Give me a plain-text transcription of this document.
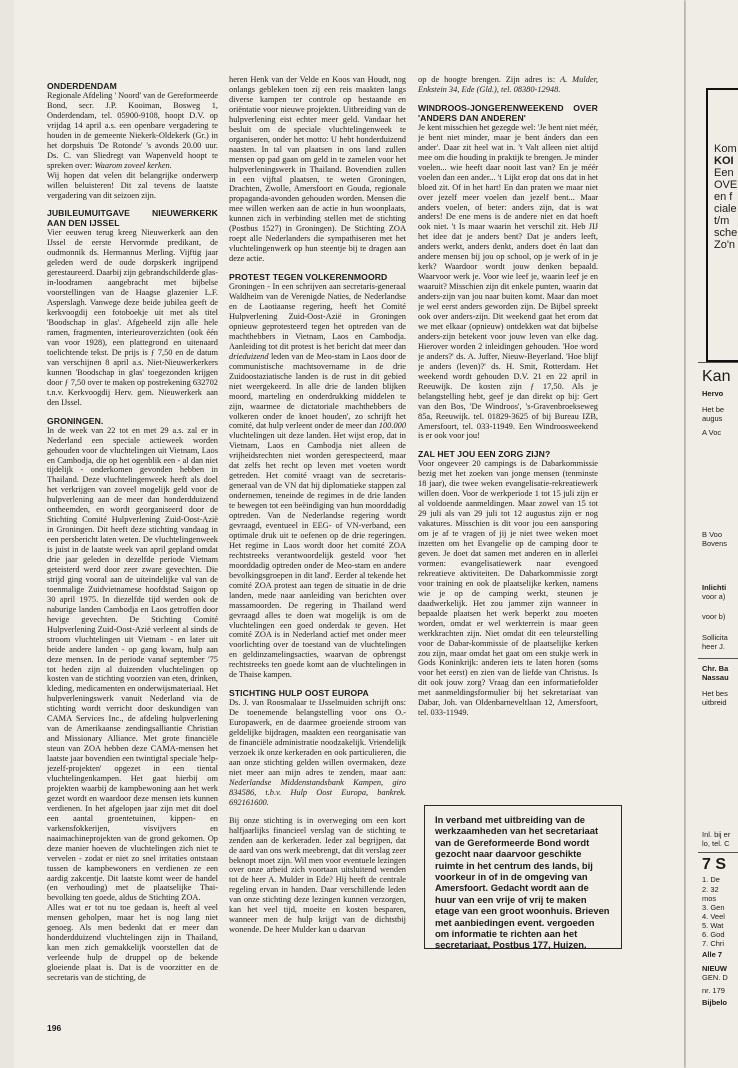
ONDERDENDAM

Regionale Afdeling ' Noord' van de Gereformeerde Bond, secr. J.P. Kooiman, Bosweg 1, Onderdendam, tel. 05900-9108, hoopt D.V. op vrijdag 14 april a.s. een openbare vergadering te houden in de gemeente Niekerk-Oldekerk (Gr.) in het dorpshuis 'De Rotonde' 's avonds 20.00 uur. Ds. C. van Sliedregt van Wapenveld hoopt te spreken over: Waarom zoveel kerken.

Wij hopen dat velen dit belangrijke onderwerp willen beluisteren! Dit zal tevens de laatste vergadering van dit seizoen zijn.

JUBILEUMUITGAVE NIEUWERKERK AAN DEN IJSSEL

Vier eeuwen terug kreeg Nieuwerkerk aan den IJssel de eerste Hervormde predikant, de oudmonnik ds. Hermannus Merling. Vijftig jaar geleden werd de oude dorpskerk ingrijpend gerestaureerd. Daarbij zijn gebrandschilderde glas-in-loodramen aangebracht met bijbelse voorstellingen van de Haagse glazenier L.F. Asperslagh. Vanwege deze beide jubilea geeft de kerkvoogdij een fotoboekje uit met als titel 'Boodschap in glas'. Afgebeeld zijn alle hele ramen, fragmenten, interieuroverzichten (ook één van voor 1928), een plattegrond en uitenaard toelichtende tekst. De prijs is ƒ 7,50 en de datum van verschijnen 8 april a.s. Niet-Nieuwerkerkers kunnen 'Boodschap in glas' toegezonden krijgen door ƒ 7,50 over te maken op postrekening 632702 t.n.v. Kerkvoogdij Herv. gem. Nieuwerkerk aan den IJssel.

GRONINGEN.

In de week van 22 tot en met 29 a.s. zal er in Nederland een speciale actieweek worden gehouden voor de vluchtelingen uit Vietnam, Laos en Cambodja, die op het ogenblik een - al dan niet tijdelijk - onderkomen gevonden hebben in Thailand. Deze vluchtelingenweek heeft als doel het verkrijgen van zoveel mogelijk geld voor de hulpverlening aan de meer dan honderdduizend ontheemden, en wordt georganiseerd door de Stichting Comité Hulpverlening Zuid-Oost-Azië in Groningen. Dit heeft deze stichting vandaag in een persbericht laten weten. De vluchtelingenweek is juist in de laatste week van april gepland omdat drie jaar geleden in dezelfde periode Vietnam geteisterd werd door zeer zware gevechten. Die strijd ging vooral aan de uiteindelijke val van de toenmalige Zuidvietnamese hoofdstad Saigon op 30 april 1975. In diezelfde tijd werden ook de naburige landen Cambodja en Laos getroffen door hevige gevechten. De Stichting Comité Hulpverlening Zuid-Oost-Azië verleent al sinds de stroom vluchtelingen uit Vietnam - en later uit beide andere landen - op gang kwam, hulp aan deze mensen. In de periode vanaf september '75 tot heden zijn al duizenden vluchtelingen op kosten van de stichting voorzien van eten, drinken, kleding, medicamenten en onderwijsmateriaal. Het hulpverleningswerk vanuit Nederland via de stichting wordt verricht door deskundigen van CAMA Services Inc., de afdeling hulpverlening van de Amerikaanse zendingsalliantie Christian and Missionary Alliance. Met grote financiële steun van ZOA hebben deze CAMA-mensen het laatste jaar bovendien een twintigtal speciale 'help-jezelf-projekten' opgezet in een tiental vluchtelingenkampen. Het gaat hierbij om projekten waarbij de kampbewoning aan het werk gezet wordt en waardoor deze mensen iets kunnen verdienen. In het afgelopen jaar zijn met dit doel een aantal groentetuinen, kippen- en varkensfokkerijen, visvijvers en naaimachineprojekten van de grond gekomen. Op deze manier hoeven de vluchtelingen zich niet te vervelen - zodat er niet zo snel irritaties ontstaan tussen de kampbewoners en verdienen ze een aardig zakcentje. Dit laatste komt weer de handel (en verhouding) met de plaatselijke Thai-bevolking ten goede, aldus de Stichting ZOA.

Alles wat er tot nu toe gedaan is, heeft al veel mensen geholpen, maar het is nog lang niet genoeg. Als men bedenkt dat er meer dan honderdduizend vluchtelingen zijn in Thailand, kan men zich gemakkelijk voorstellen dat de verleende hulp de druppel op de bekende gloeiende plaat is. Dat is de voorzitter en de secretaris van de stichting, de

heren Henk van der Velde en Koos van Houdt, nog onlangs gebleken toen zij een reis maakten langs diverse kampen ter controle op bestaande en oriëntatie voor nieuwe projekten. Uitbreiding van de hulpverlening eist echter meer geld. Vandaar het besluit om de speciale vluchtelingenweek te organiseren, onder het motto: U hebt honderduizend naasten. In tal van plaatsen in ons land zullen mensen op pad gaan om geld in te zamelen voor het hulpverleningswerk in Thailand. Bovendien zullen in een vijftal plaatsen, te weten Groningen, Drachten, Zwolle, Amersfoort en Gouda, regionale propaganda-avonden gehouden worden. Mensen die mee willen werken aan de actie in hun woonplaats, kunnen zich in verbinding stellen met de stichting (Postbus 1527) in Groningen). De Stichting ZOA roept alle Nederlanders die sympathiseren met het vluchtelingenwerk op hun steentje bij te dragen aan deze actie.

PROTEST TEGEN VOLKERENMOORD

Groningen - In een schrijven aan secretaris-generaal Waldheim van de Verenigde Naties, de Nederlandse en de Laotiaanse regering, heeft het Comité Hulpverlening Zuid-Oost-Azië in Groningen opnieuw geprotesteerd tegen het optreden van de machthebbers in Vietnam, Laos en Cambodja. Aanleiding tot dit protest is het bericht dat meer dan drieduizend leden van de Meo-stam in Laos door de communistische machtsovername in de drie Zuidoostaziatische landen is de rust in dit gebied niet weergekeerd. In alle drie de landen blijken moord, marteling en onderdrukking middelen te zijn, waarmee de dictatoriale machthebbers de volkeren onder de knoet houden', zo schrijft het comité, dat hulp verleent onder de meer dan 100.000 vluchtelingen uit deze landen. Het wijst erop, dat in Vietnam, Laos en Cambodja niet alleen de vrijheidsrechten niet worden gerespecteerd, maar dat zelfs het recht op leven met voeten wordt getreden. Het comité vraagt van de secretaris-generaal van de VN dat hij diplomatieke stappen zal ondernemen, teneinde de regimes in de drie landen te bewegen tot een beëindiging van hun moorddadig optreden. Van de Nederlandse regering wordt gevraagd, eventueel in EEG- of VN-verband, een optimale druk uit te oefenen op de drie regeringen. Het regime in Laos wordt door het comité ZOA rechtstreeks verantwoordelijk gesteld voor 'het moorddadig optreden onder de Meo-stam en andere bevolkingsgroepen in dit land'. Eerder al tekende het comité ZOA protest aan tegen de situatie in de drie landen, mede naar aanleiding van berichten over massamoorden. De regering in Thailand werd gevraagd alles te doen wat mogelijk is om de vluchtelingen een goed onderdak te geven. Het comité ZOA is in Nederland actief met onder meer voorlichting over de toestand van de vluchtelingen en geldinzamelingsacties, waarvan de opbrengst rechtstreeks ten goede komt aan de vluchtelingen in de Thaise kampen.

STICHTING HULP OOST EUROPA

Ds. J. van Roosmalaar te IJsselmuiden schrijft ons: De toenemende belangstelling voor ons O.-Europawerk, en de daarmee groeiende stroom van geldelijke bijdragen, maakten een reorganisatie van de financiële administratie noodzakelijk. Vriendelijk verzoek ik onze kerkeraden en ook particulieren, die aan onze stichting gelden willen overmaken, deze niet meer aan mijn adres te zenden, maar aan: Nederlandse Middenstandsbank Kampen, giro 834586, t.b.v. Hulp Oost Europa, bankrek. 692161600.

Bij onze stichting is in overweging om een kort halfjaarlijks financieel verslag van de stichting te zenden aan de kerkeraden. Ieder zal begrijpen, dat de aard van ons werk meebrengt, dat dit verslag zeer beknopt moet zijn. Wil men voor eventuele lezingen over onze arbeid zich voortaan uitsluitend wenden tot de heer A. Mulder in Ede? Hij heeft de centrale regeling ervan in handen. Daar verschillende leden van onze stichting deze lezingen kunnen verzorgen, kan het veel tijd, moeite en kosten besparen, wanneer men de hulp krijgt van de dichtstbij wonende. De heer Mulder kan u daarvan

op de hoogte brengen. Zijn adres is: A. Mulder, Enkstein 34, Ede (Gld.), tel. 08380-12948.

WINDROOS-JONGERENWEEKEND OVER 'ANDERS DAN ANDEREN'

Je kent misschien het gezegde wel: 'Je bent niet méér, je bent niet minder, maar je bent ánders dan een ander'. Daar zit heel wat in. 't Valt alleen niet altijd mee om die houding in praktijk te brengen. Je minder voelen... wie heeft daar nooit last van? En je méér voelen dan een ander... 't Lijkt erop dat ons dat in het bloed zit. Of in het hart! En dan praten we maar niet over jezelf meer voelen dan jezelf bent... Maar anders voelen, of beter: anders zijn, dat is wat anders! De ene mens is de andere niet en dat hoeft ook niet. 't Is maar waarin het verschil zit. Heb JIJ het idee dat je anders bent? Dat je anders leeft, anders werkt, anders denkt, anders doet én laat dan andere mensen bij jou op school, op je werk of in je kerk? Waardoor wordt jouw denken bepaald. Waarvoor werk je. Voor wie leef je, waarin leef je en waaruit? Misschien zijn dit enkele punten, waarin dat anders-zijn van jou naar buiten komt. Maar dan moet je wel eerst anders geworden zijn. De Bijbel spreekt ook over anders-zijn. Dit weekend gaat het erom dat we met elkaar (opnieuw) ontdekken wat dat bijbelse anders-zijn betekent voor jouw leven van elke dag. Hierover worden 2 inleidingen gehouden. 'Hoe word je anders?' ds. A. Juffer, Nieuw-Beyerland. 'Hoe blijf je anders (leven)?' ds. H. Smit, Rotterdam. Het weekend wordt gehouden D.V. 21 en 22 april in Reeuwijk. De kosten zijn ƒ 17,50. Als je belangstelling hebt, geef je dan direkt op bij: Gert van den Bos, 'De Windroos', 's-Gravenbroekseweg 85a, Reeuwijk. tel. 01829-3625 of bij Bureau IZB, Amersfoort, tel. 033-11949. Een Windroosweekend is er ook voor jou!

ZAL HET JOU EEN ZORG ZIJN?

Voor ongeveer 20 campings is de Dabarkommissie bezig met het zoeken van jonge mensen (tenminste 18 jaar), die twee weken evangelisatie-rekreatiewerk willen doen. Voor de werkperiode 1 tot 15 juli zijn er al voldoende aanmeldingen. Maar zowel van 15 tot 29 juli als van 29 juli tot 12 augustus zijn er nog vakatures. Misschien is dit voor jou een aansporing om je af te vragen of jij je niet twee weken moet inzetten om het Evangelie op de camping door te geven. Je doet dat samen met anderen en in allerlei vormen: evangelisatiewerk naar evengoed rekreatieve aktiviteiten. De Dabarkommissie zorgt voor training en ook de plaatselijke kerken, namens wie je op de camping werkt, steunen je daadwerkelijk. Het zou jammer zijn wanneer in bepaalde plaatsen het werk beperkt zou moeten worden, omdat er wel werkterrein is maar geen werkkrachten zijn. Niet omdat dit een teleurstelling voor de Dabar-kommissie of de plaatselijke kerken zou zijn, maar omdat het gaat om een stukje werk in Gods Koninkrijk: anderen iets te laten horen (soms voor het eerst) en zien van de liefde van Christus. Is dit ook jouw zorg? Vraag dan een informatiefolder met aanmeldingsformulier bij het sekretariaat van Dabar, Joh. van Oldenbarneveltlaan 12, Amersfoort, tel. 033-11949.

In verband met uitbreiding van de werkzaamheden van het secretariaat van de Gereformeerde Bond wordt gezocht naar daarvoor geschikte ruimte in het centrum des lands, bij voorkeur in of in de omgeving van Amersfoort. Gedacht wordt aan de huur van een vrije of vrij te maken etage van een groot woonhuis. Brieven met aanbiedingen event. vergoeden om informatie te richten aan het secretariaat, Postbus 177, Huizen.
196
Kom
KOI
Een
OVE
en f
ciale
t/m
sche
Zo'n
Kan
Hervo
Het be
augus
A Voc
B Voo
Bovens
Inlichti
voor a)
voor b)
Sollicita
heer J.
Chr. Ba
Nassau
Het bes
uitbreid
Inl. bij er
lo, tel. C
7 S
1. De
2. 32
mos
3. Gen
4. Veel
5. Wat
6. God
7. Chri
Alle 7
NIEUW
GEN. D
nr. 179
Bijbelo
